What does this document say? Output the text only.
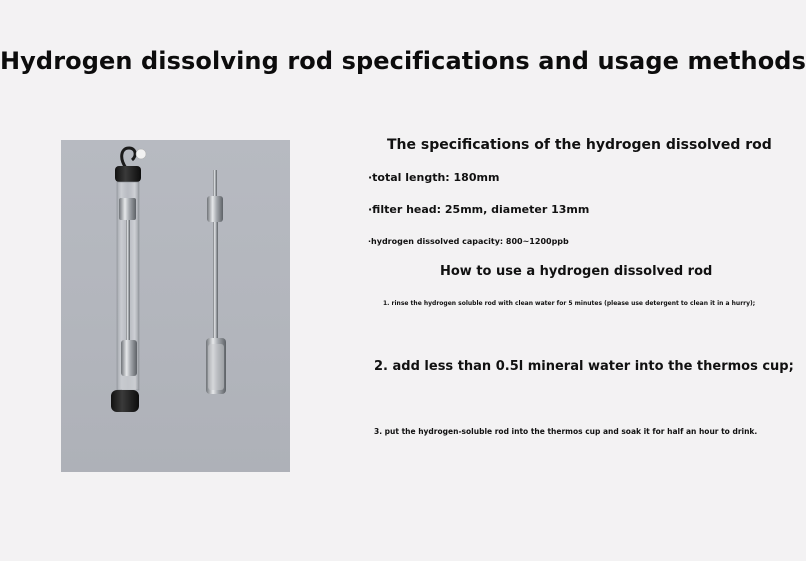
Hydrogen dissolving rod specifications and usage methods
The specifications of the hydrogen dissolved rod
·total length: 180mm
·filter head: 25mm, diameter 13mm
·hydrogen dissolved capacity: 800~1200ppb
How to use a hydrogen dissolved rod
1. rinse the hydrogen soluble rod with clean water for 5 minutes (please use detergent to clean it in a hurry);
2. add less than 0.5l mineral water into the thermos cup;
3. put the hydrogen-soluble rod into the thermos cup and soak it for half an hour to drink.
